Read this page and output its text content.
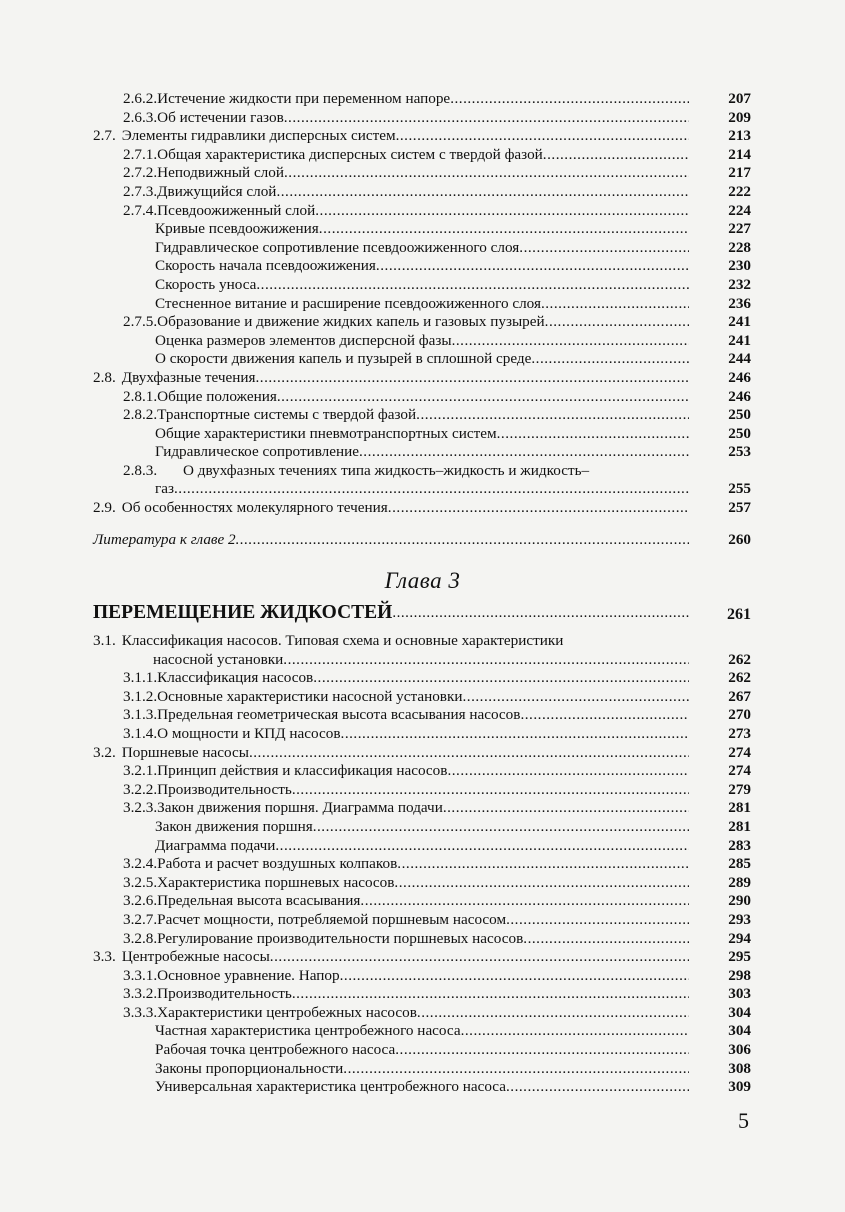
2.6.2. Истечение жидкости при переменном напоре .....	207
2.6.3. Об истечении газов .....	209
2.7. Элементы гидравлики дисперсных систем .....	213
2.7.1. Общая характеристика дисперсных систем с твердой фазой .....	214
2.7.2. Неподвижный слой .....	217
2.7.3. Движущийся слой .....	222
2.7.4. Псевдоожиженный слой .....	224
Кривые псевдоожижения .....	227
Гидравлическое сопротивление псевдоожиженного слоя .....	228
Скорость начала псевдоожижения .....	230
Скорость уноса .....	232
Стесненное витание и расширение псевдоожиженного слоя .....	236
2.7.5. Образование и движение жидких капель и газовых пузырей .....	241
Оценка размеров элементов дисперсной фазы .....	241
О скорости движения капель и пузырей в сплошной среде .....	244
2.8. Двухфазные течения .....	246
2.8.1. Общие положения .....	246
2.8.2. Транспортные системы с твердой фазой .....	250
Общие характеристики пневмотранспортных систем .....	250
Гидравлическое сопротивление .....	253
2.8.3.	О двухфазных течениях типа жидкость–жидкость и жидкость–
газ .....	255
2.9. Об особенностях молекулярного течения .....	257
Литература к главе 2 .....	260
Глава 3
ПЕРЕМЕЩЕНИЕ ЖИДКОСТЕЙ .....	261
3.1. Классификация насосов. Типовая схема и основные характеристики
насосной установки .....	262
3.1.1. Классификация насосов .....	262
3.1.2. Основные характеристики насосной установки .....	267
3.1.3. Предельная геометрическая высота всасывания насосов .....	270
3.1.4. О мощности и КПД насосов .....	273
3.2. Поршневые насосы .....	274
3.2.1. Принцип действия и классификация насосов .....	274
3.2.2. Производительность .....	279
3.2.3. Закон движения поршня. Диаграмма подачи .....	281
Закон движения поршня .....	281
Диаграмма подачи .....	283
3.2.4. Работа и расчет воздушных колпаков .....	285
3.2.5. Характеристика поршневых насосов .....	289
3.2.6. Предельная высота всасывания .....	290
3.2.7. Расчет мощности, потребляемой поршневым насосом .....	293
3.2.8. Регулирование производительности поршневых насосов .....	294
3.3. Центробежные насосы .....	295
3.3.1. Основное уравнение. Напор .....	298
3.3.2. Производительность .....	303
3.3.3. Характеристики центробежных насосов .....	304
Частная характеристика центробежного насоса .....	304
Рабочая точка центробежного насоса .....	306
Законы пропорциональности .....	308
Универсальная характеристика центробежного насоса .....	309
5
